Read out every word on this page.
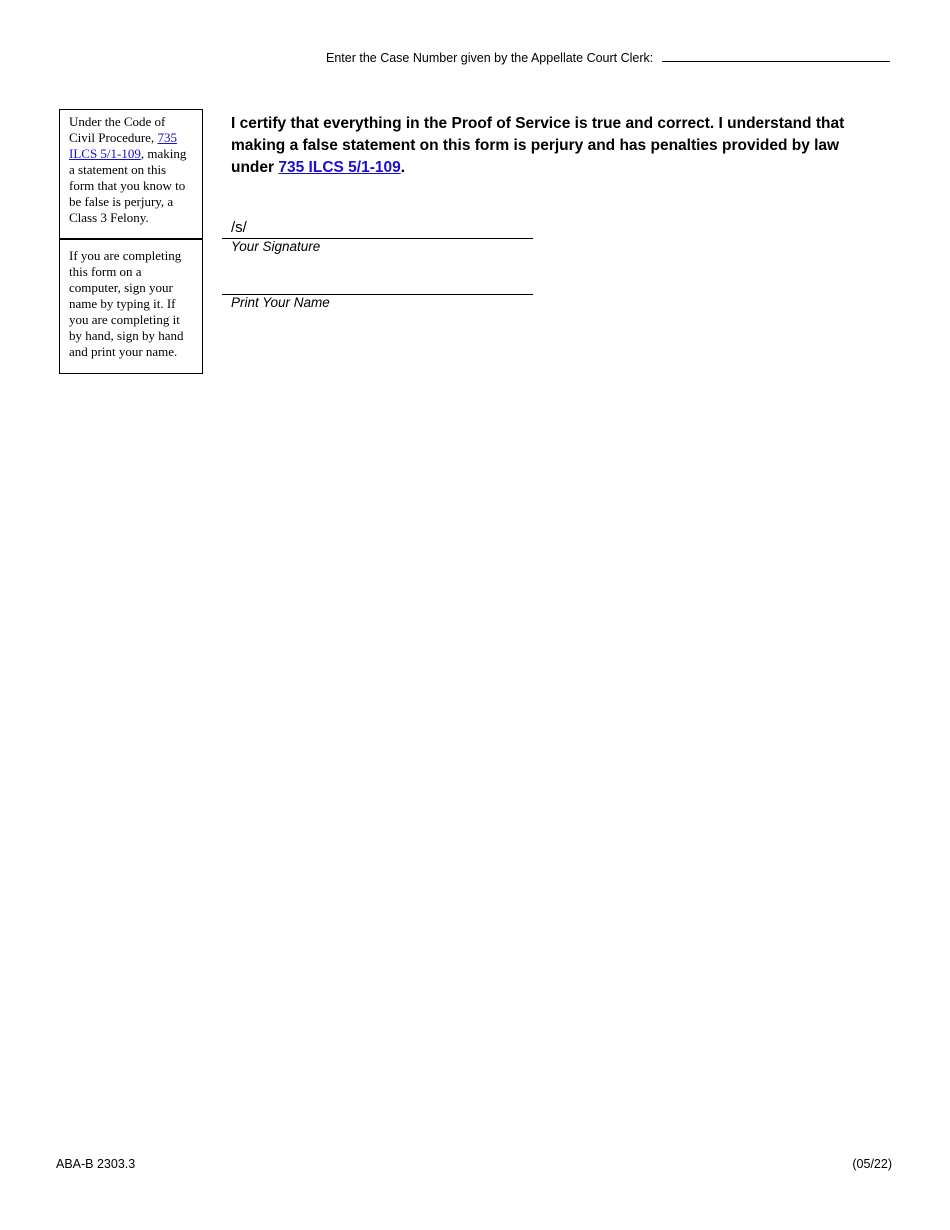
Enter the Case Number given by the Appellate Court Clerk:
Under the Code of Civil Procedure, 735 ILCS 5/1-109, making a statement on this form that you know to be false is perjury, a Class 3 Felony.
If you are completing this form on a computer, sign your name by typing it. If you are completing it by hand, sign by hand and print your name.
I certify that everything in the Proof of Service is true and correct. I understand that making a false statement on this form is perjury and has penalties provided by law under 735 ILCS 5/1-109.
/s/
Your Signature
Print Your Name
ABA-B 2303.3	(05/22)
